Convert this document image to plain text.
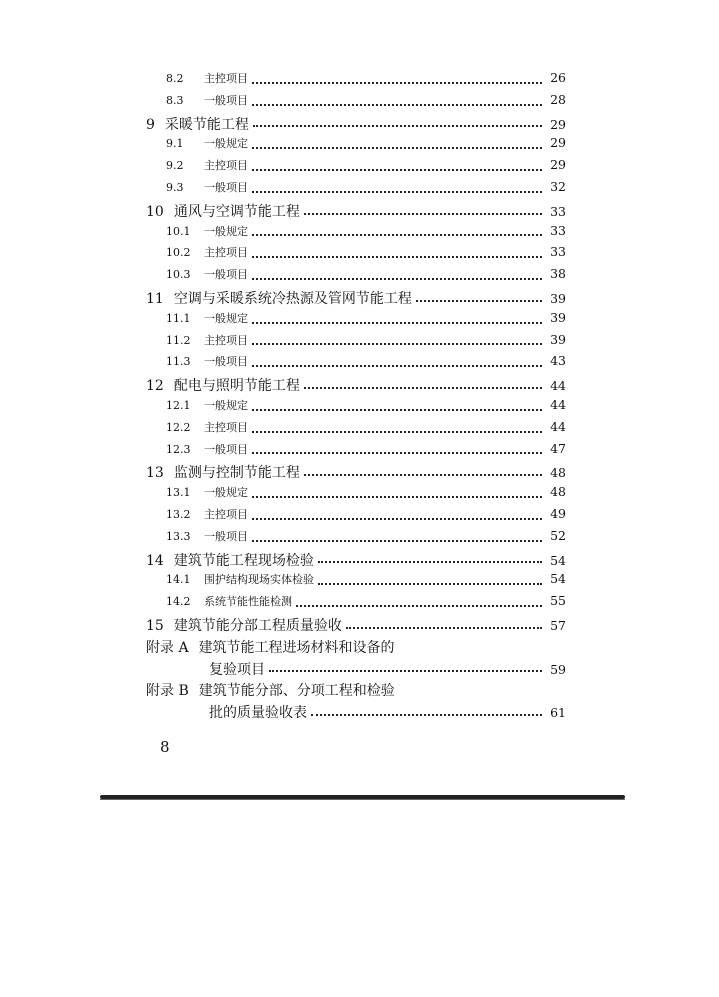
8.2	主控项目	26
8.3	一般项目	28
9 采暖节能工程	29
9.1	一般规定	29
9.2	主控项目	29
9.3	一般项目	32
10 通风与空调节能工程	33
10.1	一般规定	33
10.2	主控项目	33
10.3	一般项目	38
11 空调与采暖系统冷热源及管网节能工程	39
11.1	一般规定	39
11.2	主控项目	39
11.3	一般项目	43
12 配电与照明节能工程	44
12.1	一般规定	44
12.2	主控项目	44
12.3	一般项目	47
13 监测与控制节能工程	48
13.1	一般规定	48
13.2	主控项目	49
13.3	一般项目	52
14 建筑节能工程现场检验	54
14.1	围护结构现场实体检验	54
14.2	系统节能性能检测	55
15 建筑节能分部工程质量验收	57
附录 A 建筑节能工程进场材料和设备的
复验项目	59
附录 B 建筑节能分部、分项工程和检验
批的质量验收表	61
8
